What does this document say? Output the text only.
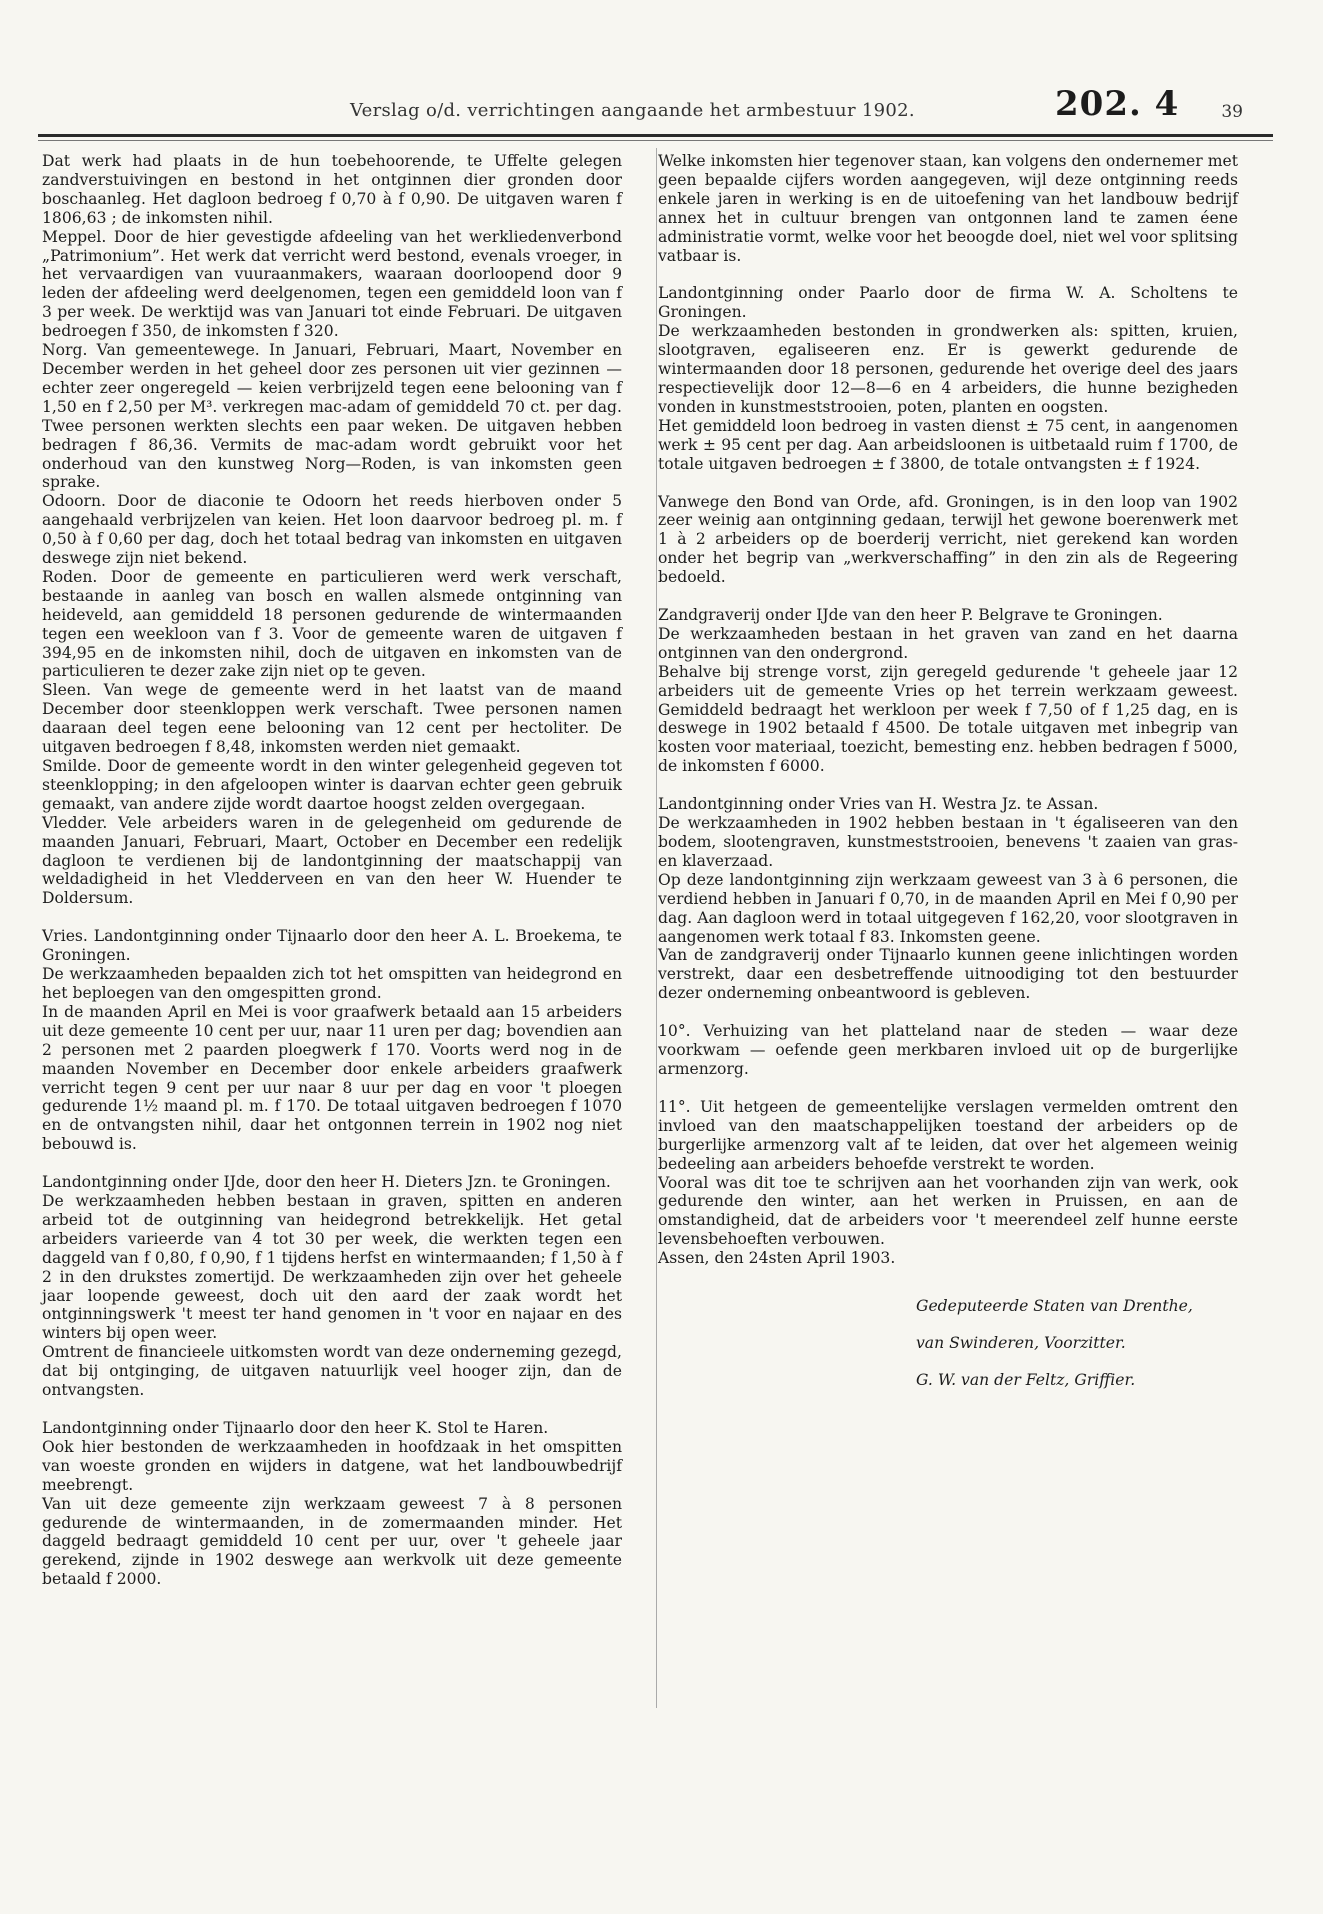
Verslag o/d. verrichtingen aangaande het armbestuur 1902.	202. 4 39

Dat werk had plaats in de hun toebehoorende, te Uffelte gelegen zandverstuivingen en bestond in het ontginnen dier gronden door boschaanleg. Het dagloon bedroeg f 0,70 à f 0,90. De uitgaven waren f 1806,63 ; de inkomsten nihil.

Meppel. Door de hier gevestigde afdeeling van het werkliedenverbond „Patrimonium”. Het werk dat verricht werd bestond, evenals vroeger, in het vervaardigen van vuuraanmakers, waaraan doorloopend door 9 leden der afdeeling werd deelgenomen, tegen een gemiddeld loon van f 3 per week. De werktijd was van Januari tot einde Februari. De uitgaven bedroegen f 350, de inkomsten f 320.

Norg. Van gemeentewege. In Januari, Februari, Maart, November en December werden in het geheel door zes personen uit vier gezinnen — echter zeer ongeregeld — keien verbrijzeld tegen eene belooning van f 1,50 en f 2,50 per M³. verkregen mac-adam of gemiddeld 70 ct. per dag. Twee personen werkten slechts een paar weken. De uitgaven hebben bedragen f 86,36. Vermits de mac-adam wordt gebruikt voor het onderhoud van den kunstweg Norg—Roden, is van inkomsten geen sprake.

Odoorn. Door de diaconie te Odoorn het reeds hierboven onder 5 aangehaald verbrijzelen van keien. Het loon daarvoor bedroeg pl. m. f 0,50 à f 0,60 per dag, doch het totaal bedrag van inkomsten en uitgaven deswege zijn niet bekend.

Roden. Door de gemeente en particulieren werd werk verschaft, bestaande in aanleg van bosch en wallen alsmede ontginning van heideveld, aan gemiddeld 18 personen gedurende de wintermaanden tegen een weekloon van f 3. Voor de gemeente waren de uitgaven f 394,95 en de inkomsten nihil, doch de uitgaven en inkomsten van de particulieren te dezer zake zijn niet op te geven.

Sleen. Van wege de gemeente werd in het laatst van de maand December door steenkloppen werk verschaft. Twee personen namen daaraan deel tegen eene belooning van 12 cent per hectoliter. De uitgaven bedroegen f 8,48, inkomsten werden niet gemaakt.

Smilde. Door de gemeente wordt in den winter gelegenheid gegeven tot steenklopping; in den afgeloopen winter is daarvan echter geen gebruik gemaakt, van andere zijde wordt daartoe hoogst zelden overgegaan.

Vledder. Vele arbeiders waren in de gelegenheid om gedurende de maanden Januari, Februari, Maart, October en December een redelijk dagloon te verdienen bij de landontginning der maatschappij van weldadigheid in het Vledderveen en van den heer W. Huender te Doldersum.

Vries. Landontginning onder Tijnaarlo door den heer A. L. Broekema, te Groningen.

De werkzaamheden bepaalden zich tot het omspitten van heidegrond en het beploegen van den omgespitten grond.

In de maanden April en Mei is voor graafwerk betaald aan 15 arbeiders uit deze gemeente 10 cent per uur, naar 11 uren per dag; bovendien aan 2 personen met 2 paarden ploegwerk f 170. Voorts werd nog in de maanden November en December door enkele arbeiders graafwerk verricht tegen 9 cent per uur naar 8 uur per dag en voor 't ploegen gedurende 1½ maand pl. m. f 170. De totaal uitgaven bedroegen f 1070 en de ontvangsten nihil, daar het ontgonnen terrein in 1902 nog niet bebouwd is.

Landontginning onder IJde, door den heer H. Dieters Jzn. te Groningen.

De werkzaamheden hebben bestaan in graven, spitten en anderen arbeid tot de outginning van heidegrond betrekkelijk. Het getal arbeiders varieerde van 4 tot 30 per week, die werkten tegen een daggeld van f 0,80, f 0,90, f 1 tijdens herfst en wintermaanden; f 1,50 à f 2 in den drukstes zomertijd. De werkzaamheden zijn over het geheele jaar loopende geweest, doch uit den aard der zaak wordt het ontginningswerk 't meest ter hand genomen in 't voor en najaar en des winters bij open weer.

Omtrent de financieele uitkomsten wordt van deze onderneming gezegd, dat bij ontginging, de uitgaven natuurlijk veel hooger zijn, dan de ontvangsten.

Landontginning onder Tijnaarlo door den heer K. Stol te Haren.

Ook hier bestonden de werkzaamheden in hoofdzaak in het omspitten van woeste gronden en wijders in datgene, wat het landbouwbedrijf meebrengt.

Van uit deze gemeente zijn werkzaam geweest 7 à 8 personen gedurende de wintermaanden, in de zomermaanden minder. Het daggeld bedraagt gemiddeld 10 cent per uur, over 't geheele jaar gerekend, zijnde in 1902 deswege aan werkvolk uit deze gemeente betaald f 2000.

Welke inkomsten hier tegenover staan, kan volgens den ondernemer met geen bepaalde cijfers worden aangegeven, wijl deze ontginning reeds enkele jaren in werking is en de uitoefening van het landbouw bedrijf annex het in cultuur brengen van ontgonnen land te zamen éene administratie vormt, welke voor het beoogde doel, niet wel voor splitsing vatbaar is.

Landontginning onder Paarlo door de firma W. A. Scholtens te Groningen.

De werkzaamheden bestonden in grondwerken als: spitten, kruien, slootgraven, egaliseeren enz. Er is gewerkt gedurende de wintermaanden door 18 personen, gedurende het overige deel des jaars respectievelijk door 12—8—6 en 4 arbeiders, die hunne bezigheden vonden in kunstmeststrooien, poten, planten en oogsten.

Het gemiddeld loon bedroeg in vasten dienst ± 75 cent, in aangenomen werk ± 95 cent per dag. Aan arbeidsloonen is uitbetaald ruim f 1700, de totale uitgaven bedroegen ± f 3800, de totale ontvangsten ± f 1924.

Vanwege den Bond van Orde, afd. Groningen, is in den loop van 1902 zeer weinig aan ontginning gedaan, terwijl het gewone boerenwerk met 1 à 2 arbeiders op de boerderij verricht, niet gerekend kan worden onder het begrip van „werkverschaffing” in den zin als de Regeering bedoeld.

Zandgraverij onder IJde van den heer P. Belgrave te Groningen.

De werkzaamheden bestaan in het graven van zand en het daarna ontginnen van den ondergrond.

Behalve bij strenge vorst, zijn geregeld gedurende 't geheele jaar 12 arbeiders uit de gemeente Vries op het terrein werkzaam geweest. Gemiddeld bedraagt het werkloon per week f 7,50 of f 1,25 dag, en is deswege in 1902 betaald f 4500. De totale uitgaven met inbegrip van kosten voor materiaal, toezicht, bemesting enz. hebben bedragen f 5000, de inkomsten f 6000.

Landontginning onder Vries van H. Westra Jz. te Assan.

De werkzaamheden in 1902 hebben bestaan in 't égaliseeren van den bodem, slootengraven, kunstmeststrooien, benevens 't zaaien van gras- en klaverzaad.

Op deze landontginning zijn werkzaam geweest van 3 à 6 personen, die verdiend hebben in Januari f 0,70, in de maanden April en Mei f 0,90 per dag. Aan dagloon werd in totaal uitgegeven f 162,20, voor slootgraven in aangenomen werk totaal f 83. Inkomsten geene.

Van de zandgraverij onder Tijnaarlo kunnen geene inlichtingen worden verstrekt, daar een desbetreffende uitnoodiging tot den bestuurder dezer onderneming onbeantwoord is gebleven.

10°. Verhuizing van het platteland naar de steden — waar deze voorkwam — oefende geen merkbaren invloed uit op de burgerlijke armenzorg.

11°. Uit hetgeen de gemeentelijke verslagen vermelden omtrent den invloed van den maatschappelijken toestand der arbeiders op de burgerlijke armenzorg valt af te leiden, dat over het algemeen weinig bedeeling aan arbeiders behoefde verstrekt te worden.

Vooral was dit toe te schrijven aan het voorhanden zijn van werk, ook gedurende den winter, aan het werken in Pruissen, en aan de omstandigheid, dat de arbeiders voor 't meerendeel zelf hunne eerste levensbehoeften verbouwen.

Assen, den 24sten April 1903.

Gedeputeerde Staten van Drenthe,
van Swinderen, Voorzitter.
G. W. van der Feltz, Griffier.
